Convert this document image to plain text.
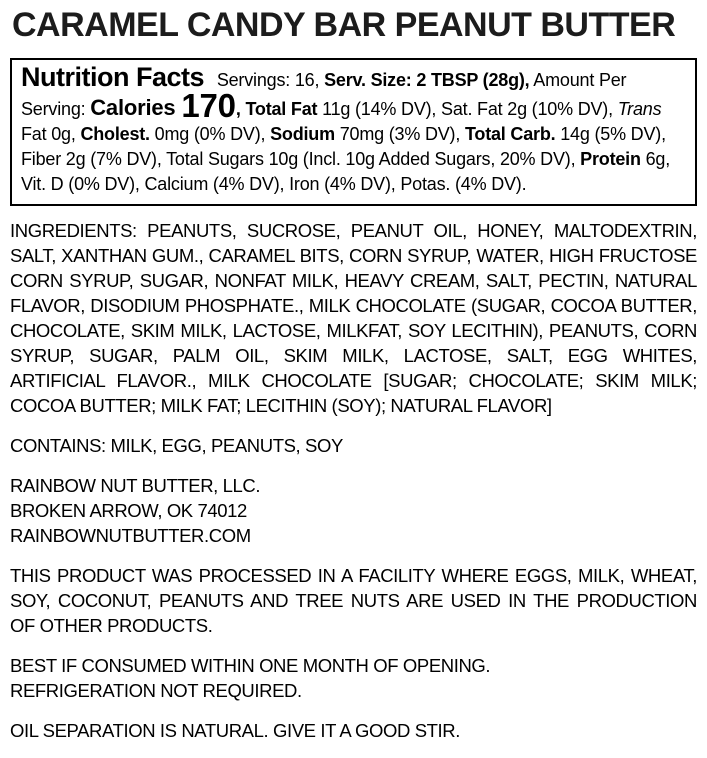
CARAMEL CANDY BAR PEANUT BUTTER

Nutrition Facts Servings: 16, Serv. Size: 2 TBSP (28g), Amount Per Serving: Calories 170, Total Fat 11g (14% DV), Sat. Fat 2g (10% DV), Trans Fat 0g, Cholest. 0mg (0% DV), Sodium 70mg (3% DV), Total Carb. 14g (5% DV), Fiber 2g (7% DV), Total Sugars 10g (Incl. 10g Added Sugars, 20% DV), Protein 6g, Vit. D (0% DV), Calcium (4% DV), Iron (4% DV), Potas. (4% DV).

INGREDIENTS: PEANUTS, SUCROSE, PEANUT OIL, HONEY, MALTODEXTRIN, SALT, XANTHAN GUM., CARAMEL BITS, CORN SYRUP, WATER, HIGH FRUCTOSE CORN SYRUP, SUGAR, NONFAT MILK, HEAVY CREAM, SALT, PECTIN, NATURAL FLAVOR, DISODIUM PHOSPHATE., MILK CHOCOLATE (SUGAR, COCOA BUTTER, CHOCOLATE, SKIM MILK, LACTOSE, MILKFAT, SOY LECITHIN), PEANUTS, CORN SYRUP, SUGAR, PALM OIL, SKIM MILK, LACTOSE, SALT, EGG WHITES, ARTIFICIAL FLAVOR., MILK CHOCOLATE [SUGAR; CHOCOLATE; SKIM MILK; COCOA BUTTER; MILK FAT; LECITHIN (SOY); NATURAL FLAVOR]

CONTAINS: MILK, EGG, PEANUTS, SOY

RAINBOW NUT BUTTER, LLC.
BROKEN ARROW, OK 74012
RAINBOWNUTBUTTER.COM

THIS PRODUCT WAS PROCESSED IN A FACILITY WHERE EGGS, MILK, WHEAT, SOY, COCONUT, PEANUTS AND TREE NUTS ARE USED IN THE PRODUCTION OF OTHER PRODUCTS.

BEST IF CONSUMED WITHIN ONE MONTH OF OPENING.
REFRIGERATION NOT REQUIRED.

OIL SEPARATION IS NATURAL. GIVE IT A GOOD STIR.
